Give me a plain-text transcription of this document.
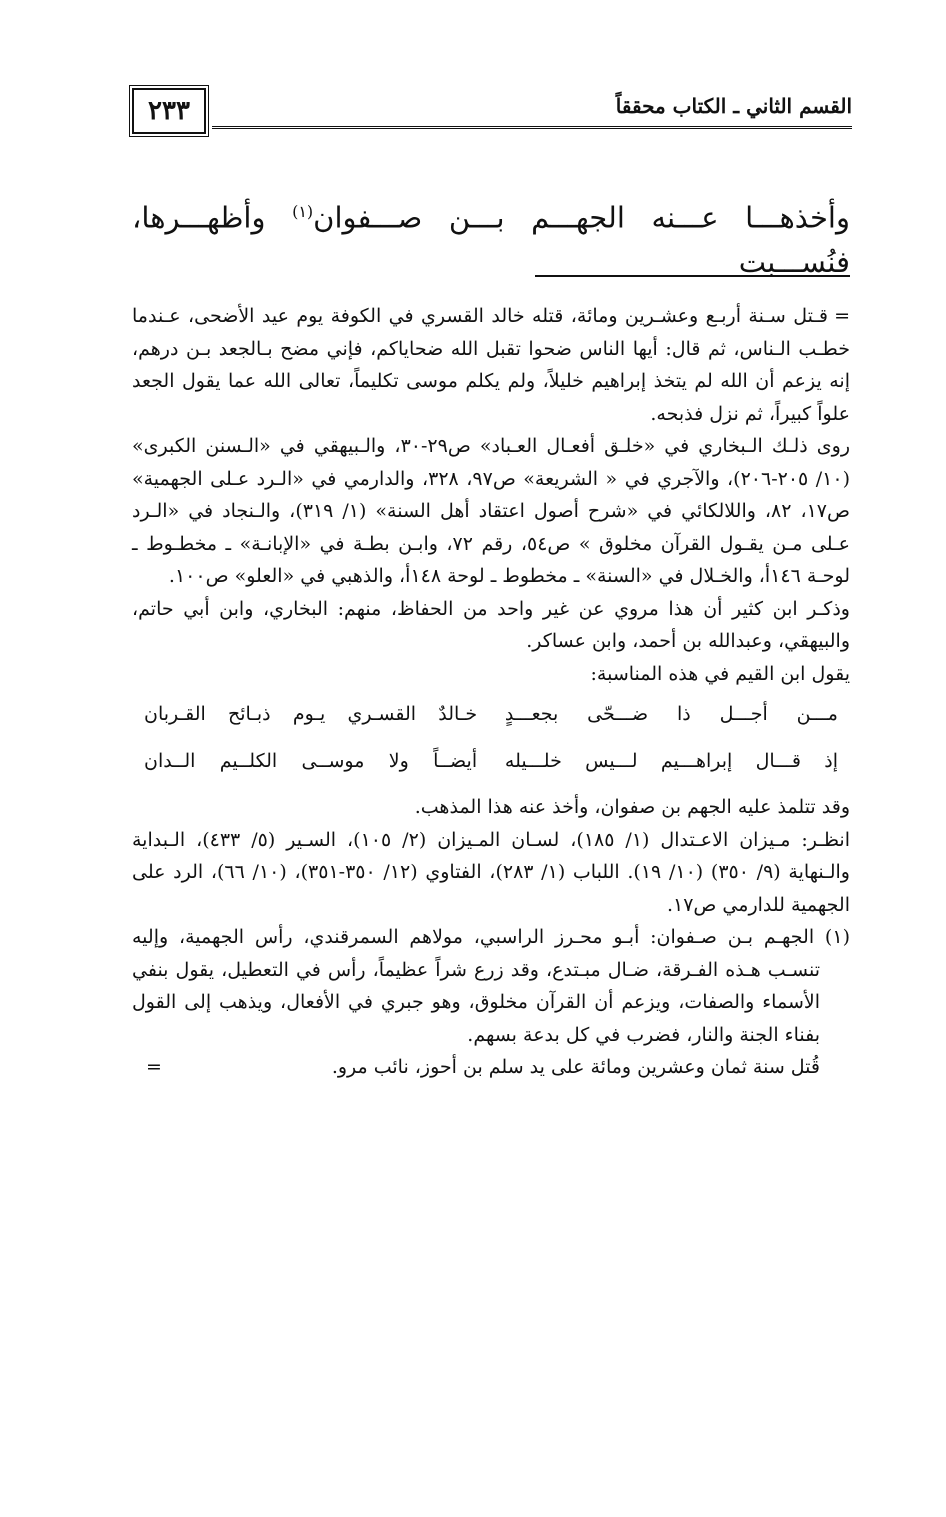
القسم الثاني ـ الكتاب محققاً
٢٣٣
وأخذهـــا عـــنه الجهـــم بـــن صـــفوان$^{(١)}$ وأظهـــرها، فنُســـبت

=قـتل سـنة أربـع وعشـرين ومائة، قتله خالد القسري في الكوفة يوم عيد الأضحى، عـندما خطـب الـناس، ثم قال: أيها الناس ضحوا تقبل الله ضحاياكم، فإني مضح بـالجعد بـن درهم، إنه يزعم أن الله لم يتخذ إبراهيم خليلاً، ولم يكلم موسى تكليماً، تعالى الله عما يقول الجعد علواً كبيراً، ثم نزل فذبحه.

روى ذلـك الـبخاري في «خلـق أفعـال العـباد» ص٢٩-٣٠، والـبيهقي في «الـسنن الكبرى» (١٠/ ٢٠٥-٢٠٦)، والآجري في « الشريعة» ص٩٧، ٣٢٨، والدارمي في «الـرد عـلى الجهمية» ص١٧، ٨٢، واللالكائي في «شرح أصول اعتقاد أهل السنة» (١/ ٣١٩)، والـنجاد في «الـرد عـلى مـن يقـول القرآن مخلوق » ص٥٤، رقم ٧٢، وابـن بطـة في «الإبانـة» ـ مخطـوط ـ لوحـة ١٤٦أ، والخـلال في «السنة» ـ مخطوط ـ لوحة ١٤٨أ، والذهبي في «العلو» ص١٠٠.

وذكـر ابن كثير أن هذا مروي عن غير واحد من الحفاظ، منهم: البخاري، وابن أبي حاتم، والبيهقي، وعبدالله بن أحمد، وابن عساكر.

يقول ابن القيم في هذه المناسبة:

مـــن أجـــل ذا ضـــحّى بجعـــدٍ
خـالدٌ القسـري يـوم ذبـائح القـربان
إذ قـــال إبراهـــيم لـــيس خلـــيله
أيضــاً ولا موســى الكلــيم الــدان

وقد تتلمذ عليه الجهم بن صفوان، وأخذ عنه هذا المذهب.

انظـر: مـيزان الاعـتدال (١/ ١٨٥)، لسـان المـيزان (٢/ ١٠٥)، السـير (٥/ ٤٣٣)، الـبداية والـنهاية (٩/ ٣٥٠) (١٠/ ١٩). اللباب (١/ ٢٨٣)، الفتاوي (١٢/ ٣٥٠-٣٥١)، (١٠/ ٦٦)، الرد على الجهمية للدارمي ص١٧.

(١) الجهـم بـن صـفوان: أبـو محـرز الراسبي، مولاهم السمرقندي، رأس الجهمية، وإليه تنسـب هـذه الفـرقة، ضـال مبـتدع، وقد زرع شراً عظيماً، رأس في التعطيل، يقول بنفي الأسماء والصفات، ويزعم أن القرآن مخلوق، وهو جبري في الأفعال، ويذهب إلى القول بفناء الجنة والنار، فضرب في كل بدعة بسهم.

قُتل سنة ثمان وعشرين ومائة على يد سلم بن أحوز، نائب مرو.
=
